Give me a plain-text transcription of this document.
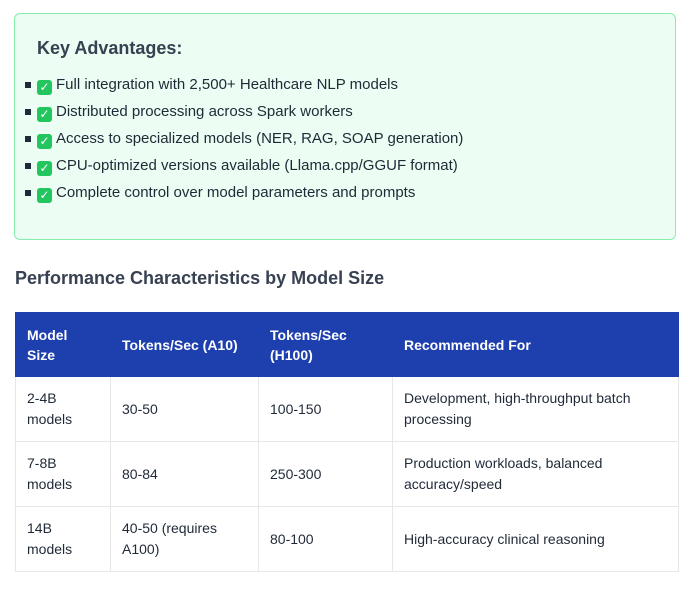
Key Advantages:
✓ Full integration with 2,500+ Healthcare NLP models
✓ Distributed processing across Spark workers
✓ Access to specialized models (NER, RAG, SOAP generation)
✓ CPU-optimized versions available (Llama.cpp/GGUF format)
✓ Complete control over model parameters and prompts
Performance Characteristics by Model Size
Model Size	Tokens/Sec (A10)	Tokens/Sec (H100)	Recommended For
2-4B models	30-50	100-150	Development, high-throughput batch processing
7-8B models	80-84	250-300	Production workloads, balanced accuracy/speed
14B models	40-50 (requires A100)	80-100	High-accuracy clinical reasoning
